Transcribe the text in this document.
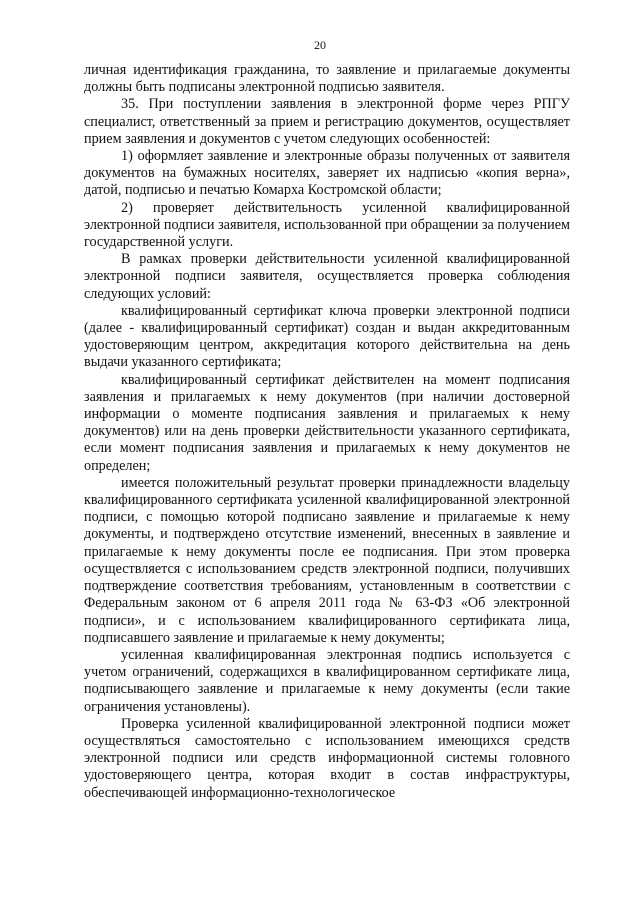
20

личная идентификация гражданина, то заявление и прилагаемые документы должны быть подписаны электронной подписью заявителя.

35. При поступлении заявления в электронной форме через РПГУ специалист, ответственный за прием и регистрацию документов, осуществляет прием заявления и документов с учетом следующих особенностей:

1) оформляет заявление и электронные образы полученных от заявителя документов на бумажных носителях, заверяет их надписью «копия верна», датой, подписью и печатью Комарха Костромской области;

2) проверяет действительность усиленной квалифицированной электронной подписи заявителя, использованной при обращении за получением государственной услуги.

В рамках проверки действительности усиленной квалифицированной электронной подписи заявителя, осуществляется проверка соблюдения следующих условий:

квалифицированный сертификат ключа проверки электронной подписи (далее - квалифицированный сертификат) создан и выдан аккредитованным удостоверяющим центром, аккредитация которого действительна на день выдачи указанного сертификата;

квалифицированный сертификат действителен на момент подписания заявления и прилагаемых к нему документов (при наличии достоверной информации о моменте подписания заявления и прилагаемых к нему документов) или на день проверки действительности указанного сертификата, если момент подписания заявления и прилагаемых к нему документов не определен;

имеется положительный результат проверки принадлежности владельцу квалифицированного сертификата усиленной квалифицированной электронной подписи, с помощью которой подписано заявление и прилагаемые к нему документы, и подтверждено отсутствие изменений, внесенных в заявление и прилагаемые к нему документы после ее подписания. При этом проверка осуществляется с использованием средств электронной подписи, получивших подтверждение соответствия требованиям, установленным в соответствии с Федеральным законом от 6 апреля 2011 года № 63-ФЗ «Об электронной подписи», и с использованием квалифицированного сертификата лица, подписавшего заявление и прилагаемые к нему документы;

усиленная квалифицированная электронная подпись используется с учетом ограничений, содержащихся в квалифицированном сертификате лица, подписывающего заявление и прилагаемые к нему документы (если такие ограничения установлены).

Проверка усиленной квалифицированной электронной подписи может осуществляться самостоятельно с использованием имеющихся средств электронной подписи или средств информационной системы головного удостоверяющего центра, которая входит в состав инфраструктуры, обеспечивающей информационно-технологическое
